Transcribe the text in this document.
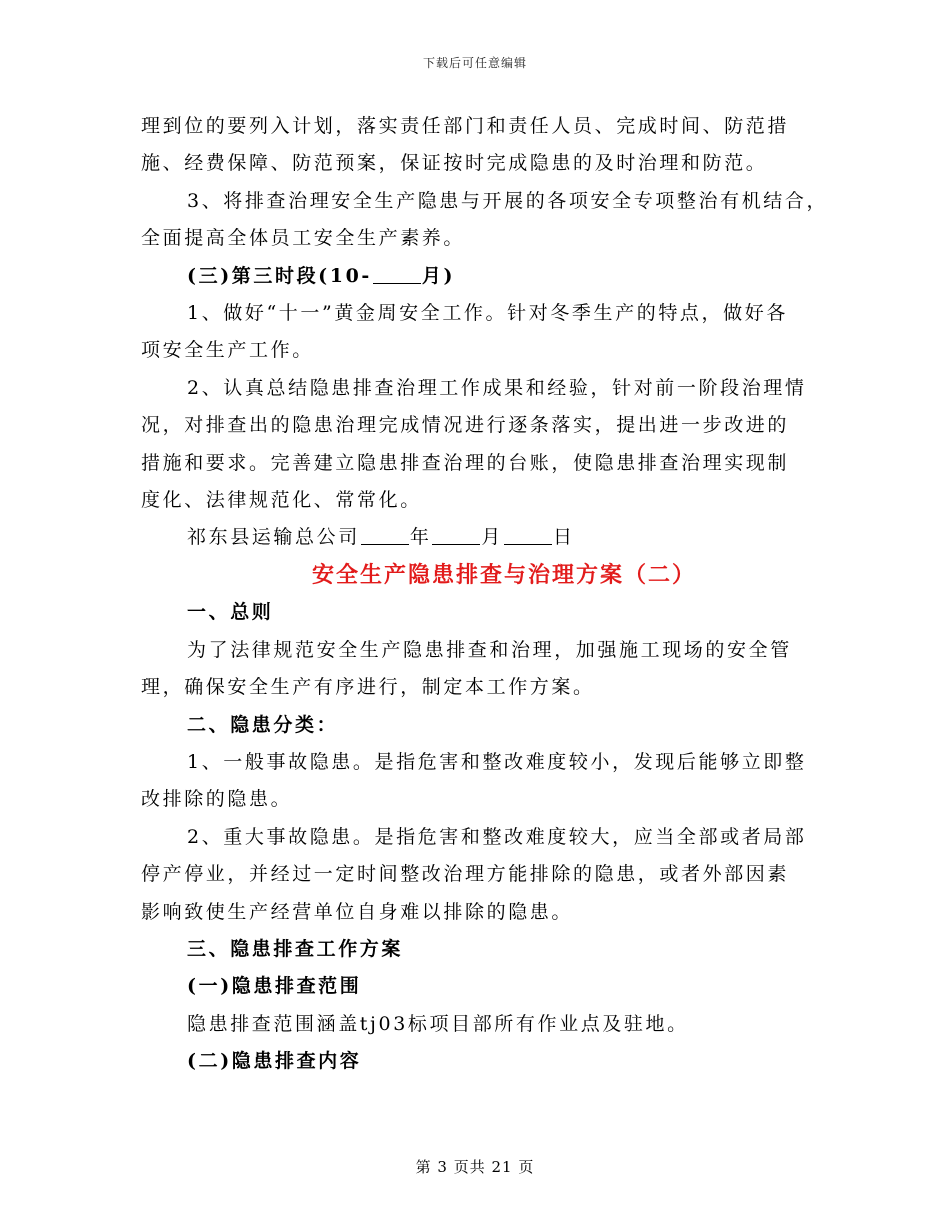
下载后可任意编辑

理到位的要列入计划，落实责任部门和责任人员、完成时间、防范措

施、经费保障、防范预案，保证按时完成隐患的及时治理和防范。

3、将排查治理安全生产隐患与开展的各项安全专项整治有机结合，

全面提高全体员工安全生产素养。

(三)第三时段(10-	月)

1、做好“十一”黄金周安全工作。针对冬季生产的特点，做好各

项安全生产工作。

2、认真总结隐患排查治理工作成果和经验，针对前一阶段治理情

况，对排查出的隐患治理完成情况进行逐条落实，提出进一步改进的

措施和要求。完善建立隐患排查治理的台账，使隐患排查治理实现制

度化、法律规范化、常常化。

祁东县运输总公司	年	月	日

安全生产隐患排查与治理方案（二）

一、总则

为了法律规范安全生产隐患排查和治理，加强施工现场的安全管

理，确保安全生产有序进行，制定本工作方案。

二、隐患分类：

1、一般事故隐患。是指危害和整改难度较小，发现后能够立即整

改排除的隐患。

2、重大事故隐患。是指危害和整改难度较大，应当全部或者局部

停产停业，并经过一定时间整改治理方能排除的隐患，或者外部因素

影响致使生产经营单位自身难以排除的隐患。

三、隐患排查工作方案

(一)隐患排查范围

隐患排查范围涵盖tj03标项目部所有作业点及驻地。

(二)隐患排查内容

第 3 页共 21 页
